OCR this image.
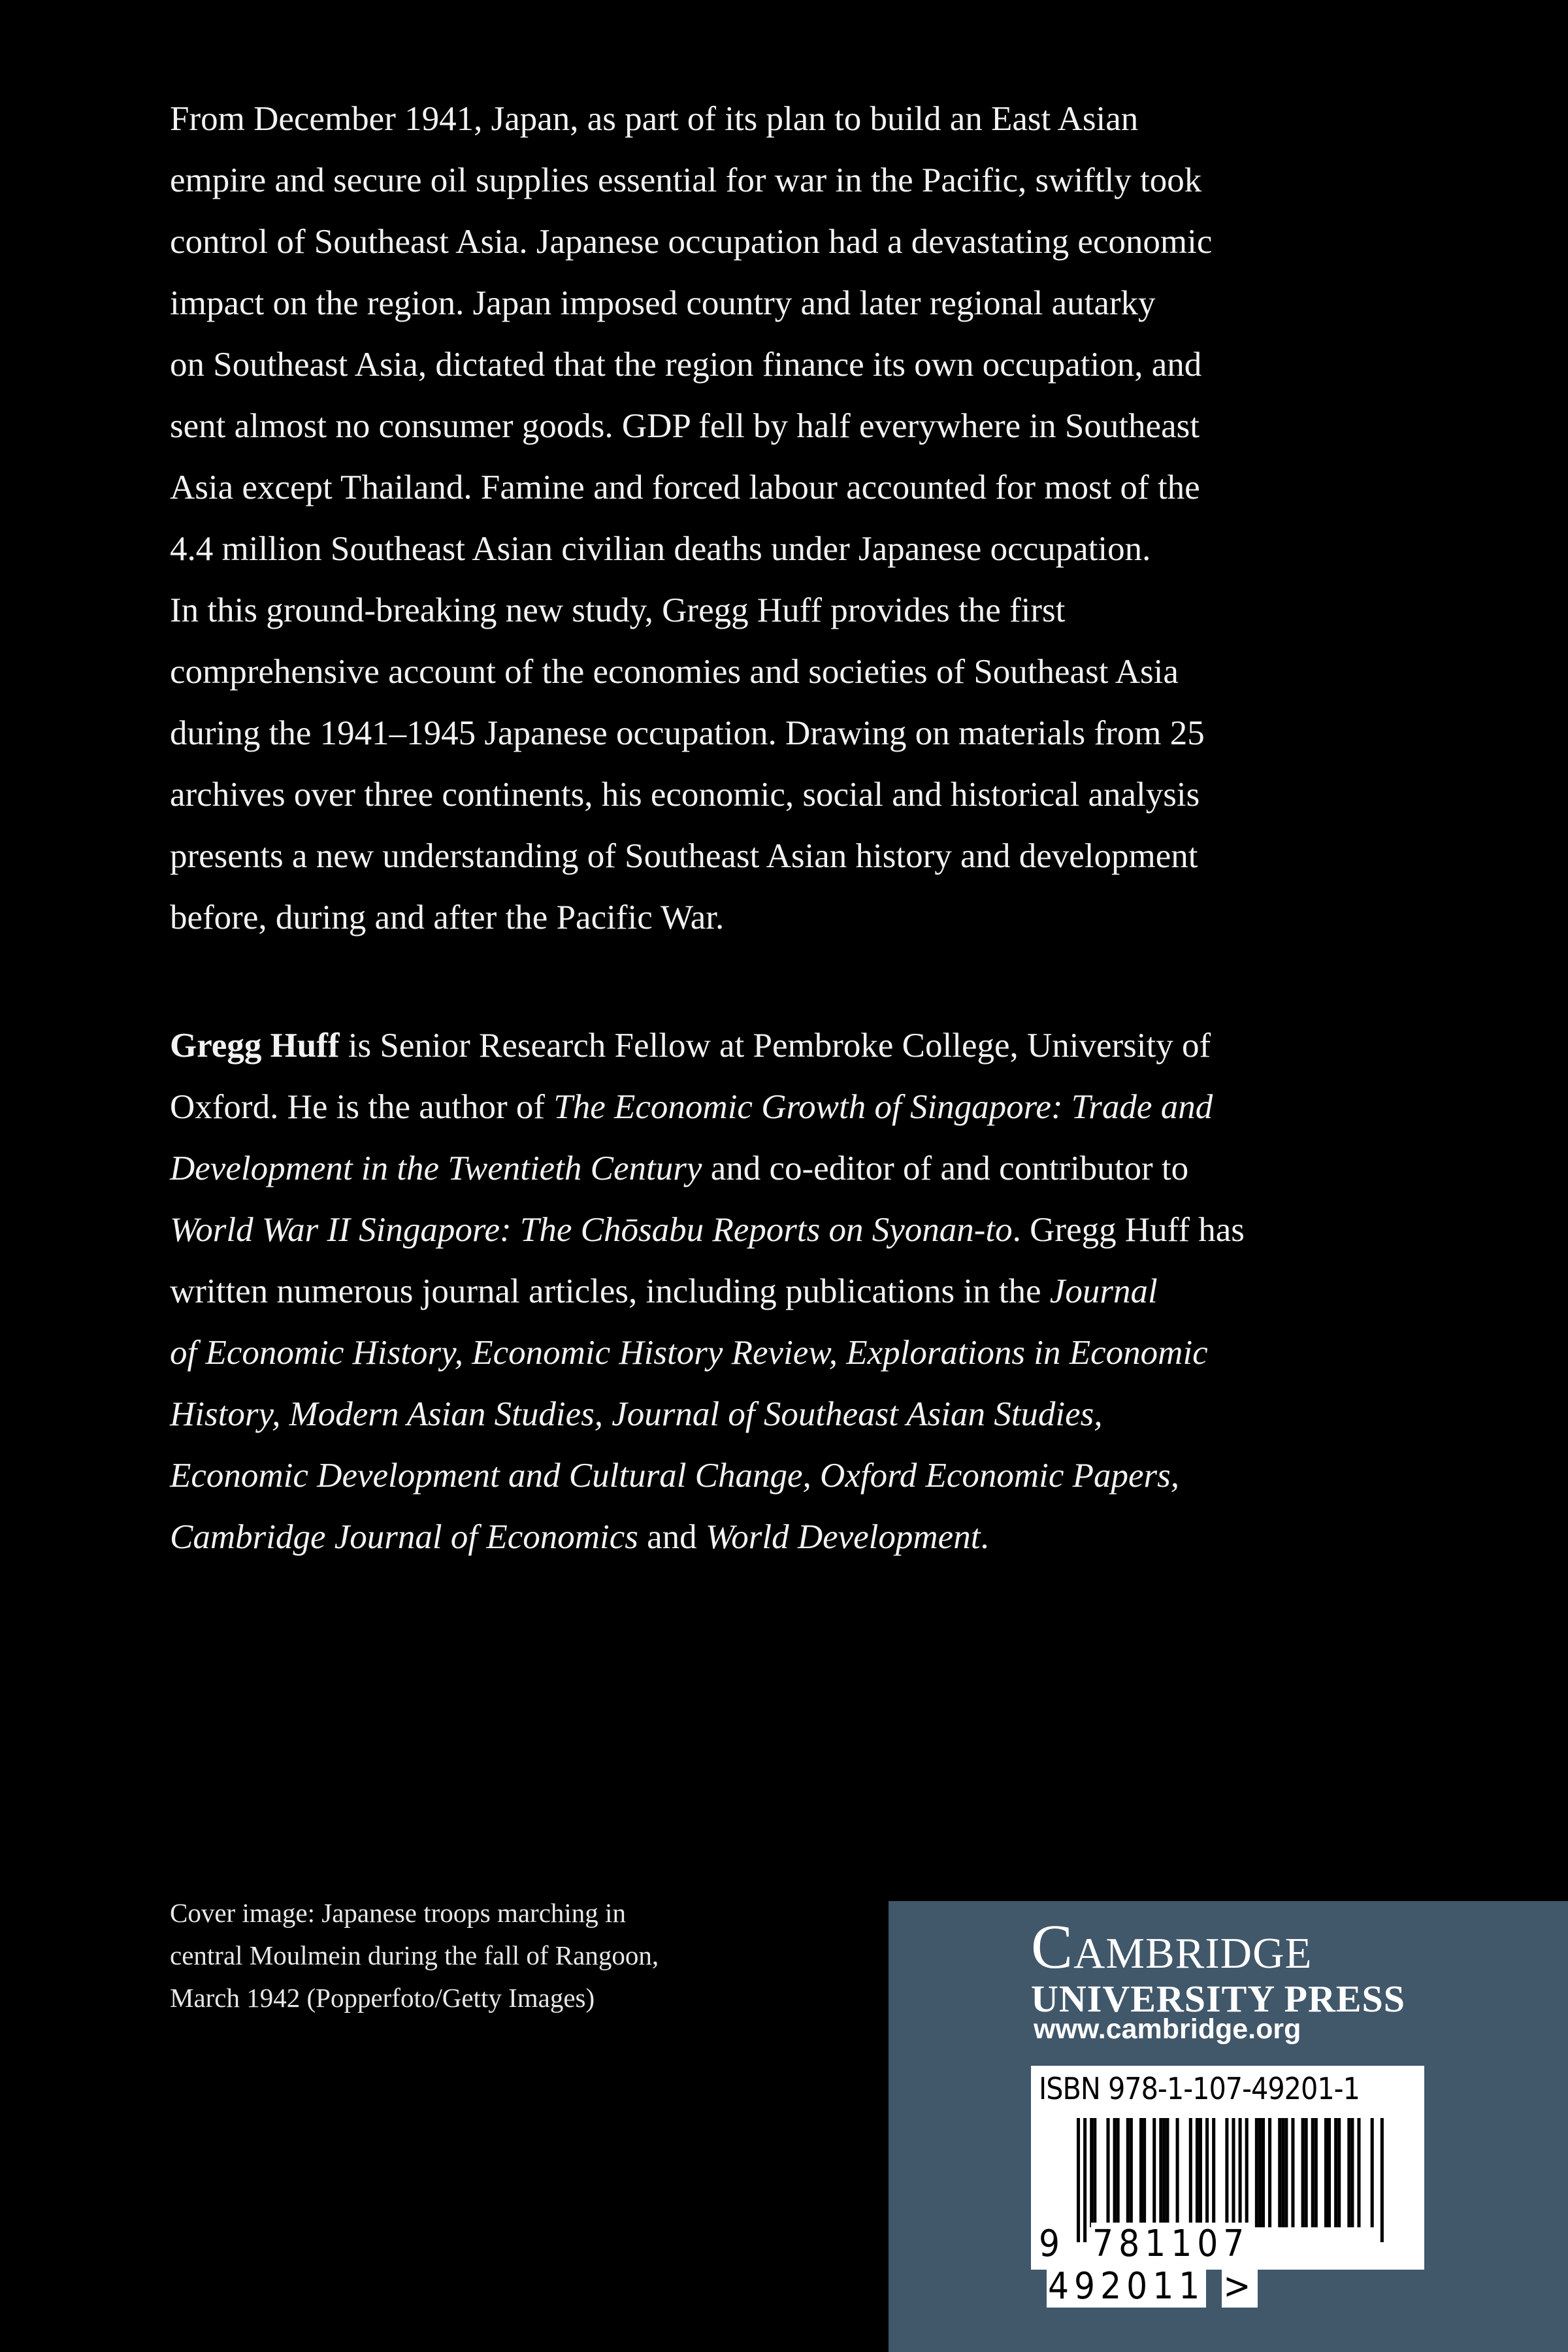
From December 1941, Japan, as part of its plan to build an East Asian
empire and secure oil supplies essential for war in the Pacific, swiftly took
control of Southeast Asia. Japanese occupation had a devastating economic
impact on the region. Japan imposed country and later regional autarky
on Southeast Asia, dictated that the region finance its own occupation, and
sent almost no consumer goods. GDP fell by half everywhere in Southeast
Asia except Thailand. Famine and forced labour accounted for most of the
4.4 million Southeast Asian civilian deaths under Japanese occupation.
In this ground-breaking new study, Gregg Huff provides the first
comprehensive account of the economies and societies of Southeast Asia
during the 1941–1945 Japanese occupation. Drawing on materials from 25
archives over three continents, his economic, social and historical analysis
presents a new understanding of Southeast Asian history and development
before, during and after the Pacific War.
Gregg Huff is Senior Research Fellow at Pembroke College, University of
Oxford. He is the author of The Economic Growth of Singapore: Trade and
Development in the Twentieth Century and co-editor of and contributor to
World War II Singapore: The Chōsabu Reports on Syonan-to. Gregg Huff has
written numerous journal articles, including publications in the Journal
of Economic History, Economic History Review, Explorations in Economic
History, Modern Asian Studies, Journal of Southeast Asian Studies,
Economic Development and Cultural Change, Oxford Economic Papers,
Cambridge Journal of Economics and World Development.
Cover image: Japanese troops marching in
central Moulmein during the fall of Rangoon,
March 1942 (Popperfoto/Getty Images)
Cambridge
UNIVERSITY PRESS
www.cambridge.org
ISBN 978-1-107-49201-1
9 781107 492011 >
